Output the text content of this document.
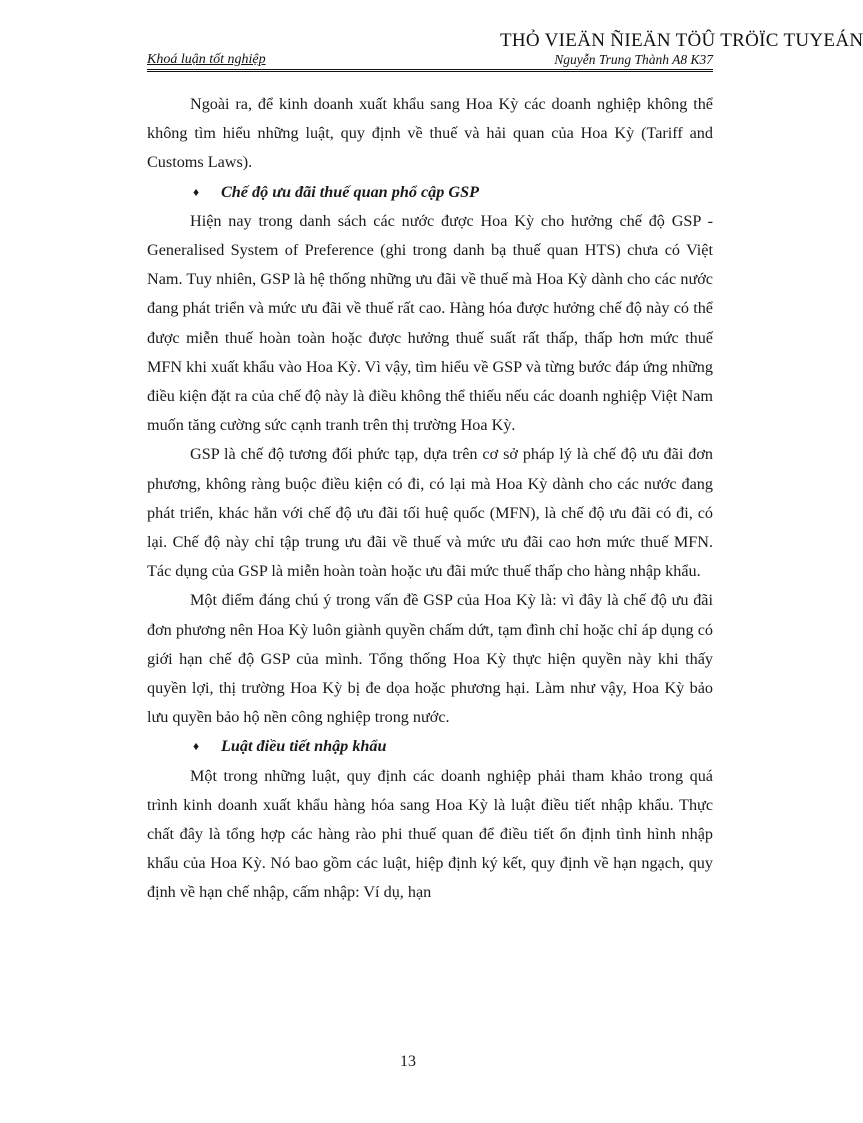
THỎ VIEÄN ÑIEÄN TÖÛ TRÖÏC TUYEÁN
Khoá luận tốt nghiệp	Nguyễn Trung Thành A8 K37

Ngoài ra, để kinh doanh xuất khẩu sang Hoa Kỳ các doanh nghiệp không thể không tìm hiểu những luật, quy định về thuế và hải quan của Hoa Kỳ (Tariff and Customs Laws).

♦ Chế độ ưu đãi thuế quan phổ cập GSP

Hiện nay trong danh sách các nước được Hoa Kỳ cho hưởng chế độ GSP - Generalised System of Preference (ghi trong danh bạ thuế quan HTS) chưa có Việt Nam. Tuy nhiên, GSP là hệ thống những ưu đãi về thuế mà Hoa Kỳ dành cho các nước đang phát triển và mức ưu đãi về thuế rất cao. Hàng hóa được hưởng chế độ này có thể được miễn thuế hoàn toàn hoặc được hưởng thuế suất rất thấp, thấp hơn mức thuế MFN khi xuất khẩu vào Hoa Kỳ. Vì vậy, tìm hiểu về GSP và từng bước đáp ứng những điều kiện đặt ra của chế độ này là điều không thể thiếu nếu các doanh nghiệp Việt Nam muốn tăng cường sức cạnh tranh trên thị trường Hoa Kỳ.

GSP là chế độ tương đối phức tạp, dựa trên cơ sở pháp lý là chế độ ưu đãi đơn phương, không ràng buộc điều kiện có đi, có lại mà Hoa Kỳ dành cho các nước đang phát triển, khác hẳn với chế độ ưu đãi tối huệ quốc (MFN), là chế độ ưu đãi có đi, có lại. Chế độ này chỉ tập trung ưu đãi về thuế và mức ưu đãi cao hơn mức thuế MFN. Tác dụng của GSP là miễn hoàn toàn hoặc ưu đãi mức thuế thấp cho hàng nhập khẩu.

Một điểm đáng chú ý trong vấn đề GSP của Hoa Kỳ là: vì đây là chế độ ưu đãi đơn phương nên Hoa Kỳ luôn giành quyền chấm dứt, tạm đình chỉ hoặc chỉ áp dụng có giới hạn chế độ GSP của mình. Tổng thống Hoa Kỳ thực hiện quyền này khi thấy quyền lợi, thị trường Hoa Kỳ bị đe dọa hoặc phương hại. Làm như vậy, Hoa Kỳ bảo lưu quyền bảo hộ nền công nghiệp trong nước.

♦ Luật điều tiết nhập khẩu

Một trong những luật, quy định các doanh nghiệp phải tham khảo trong quá trình kinh doanh xuất khẩu hàng hóa sang Hoa Kỳ là luật điều tiết nhập khẩu. Thực chất đây là tổng hợp các hàng rào phi thuế quan để điều tiết ổn định tình hình nhập khẩu của Hoa Kỳ. Nó bao gồm các luật, hiệp định ký kết, quy định về hạn ngạch, quy định về hạn chế nhập, cấm nhập: Ví dụ, hạn

13
